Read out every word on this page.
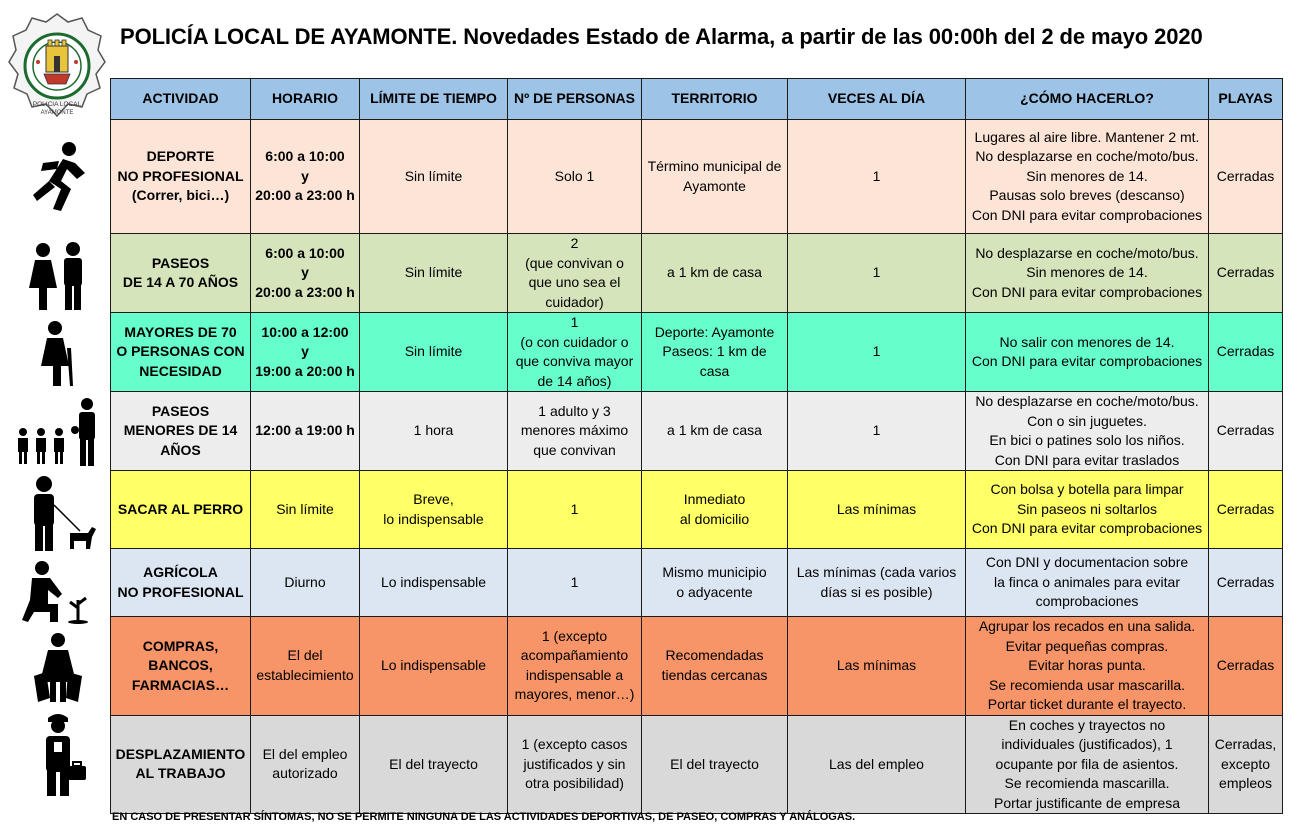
POLICIA LOCAL
AYAMONTE
POLICÍA LOCAL DE AYAMONTE. Novedades Estado de Alarma, a partir de las 00:00h del 2 de mayo 2020
ACTIVIDAD	HORARIO	LÍMITE DE TIEMPO	Nº DE PERSONAS	TERRITORIO	VECES AL DÍA	¿CÓMO HACERLO?	PLAYAS

DEPORTE
NO PROFESIONAL
(Correr, bici…)	6:00 a 10:00
y
20:00 a 23:00 h	Sin límite	Solo 1	Término municipal de
Ayamonte	1	Lugares al aire libre. Mantener 2 mt.
No desplazarse en coche/moto/bus.
Sin menores de 14.
Pausas solo breves (descanso)
Con DNI para evitar comprobaciones	Cerradas

PASEOS
DE 14 A 70 AÑOS	6:00 a 10:00
y
20:00 a 23:00 h	Sin límite	2
(que convivan o
que uno sea el
cuidador)	a 1 km de casa	1	No desplazarse en coche/moto/bus.
Sin menores de 14.
Con DNI para evitar comprobaciones	Cerradas

MAYORES DE 70
O PERSONAS CON
NECESIDAD	10:00 a 12:00
y
19:00 a 20:00 h	Sin límite	1
(o con cuidador o
que conviva mayor
de 14 años)	Deporte: Ayamonte
Paseos: 1 km de
casa	1	No salir con menores de 14.
Con DNI para evitar comprobaciones	Cerradas

PASEOS
MENORES DE 14
AÑOS	12:00 a 19:00 h	1 hora	1 adulto y 3
menores máximo
que convivan	a 1 km de casa	1	No desplazarse en coche/moto/bus.
Con o sin juguetes.
En bici o patines solo los niños.
Con DNI para evitar traslados	Cerradas

SACAR AL PERRO	Sin límite	Breve,
lo indispensable	1	Inmediato
al domicilio	Las mínimas	Con bolsa y botella para limpar
Sin paseos ni soltarlos
Con DNI para evitar comprobaciones	Cerradas

AGRÍCOLA
NO PROFESIONAL	Diurno	Lo indispensable	1	Mismo municipio
o adyacente	Las mínimas (cada varios
días si es posible)	Con DNI y documentacion sobre
la finca o animales para evitar
comprobaciones	Cerradas

COMPRAS,
BANCOS,
FARMACIAS…	El del
establecimiento	Lo indispensable	1 (excepto
acompañamiento
indispensable a
mayores, menor…)	Recomendadas
tiendas cercanas	Las mínimas	Agrupar los recados en una salida.
Evitar pequeñas compras.
Evitar horas punta.
Se recomienda usar mascarilla.
Portar ticket durante el trayecto.	Cerradas

DESPLAZAMIENTO
AL TRABAJO	El del empleo
autorizado	El del trayecto	1 (excepto casos
justificados y sin
otra posibilidad)	El del trayecto	Las del empleo	En coches y trayectos no
individuales (justificados), 1
ocupante por fila de asientos.
Se recomienda mascarilla.
Portar justificante de empresa	Cerradas,
excepto
empleos
EN CASO DE PRESENTAR SÍNTOMAS, NO SE PERMITE NINGUNA DE LAS ACTIVIDADES DEPORTIVAS, DE PASEO, COMPRAS Y ANÁLOGAS.
